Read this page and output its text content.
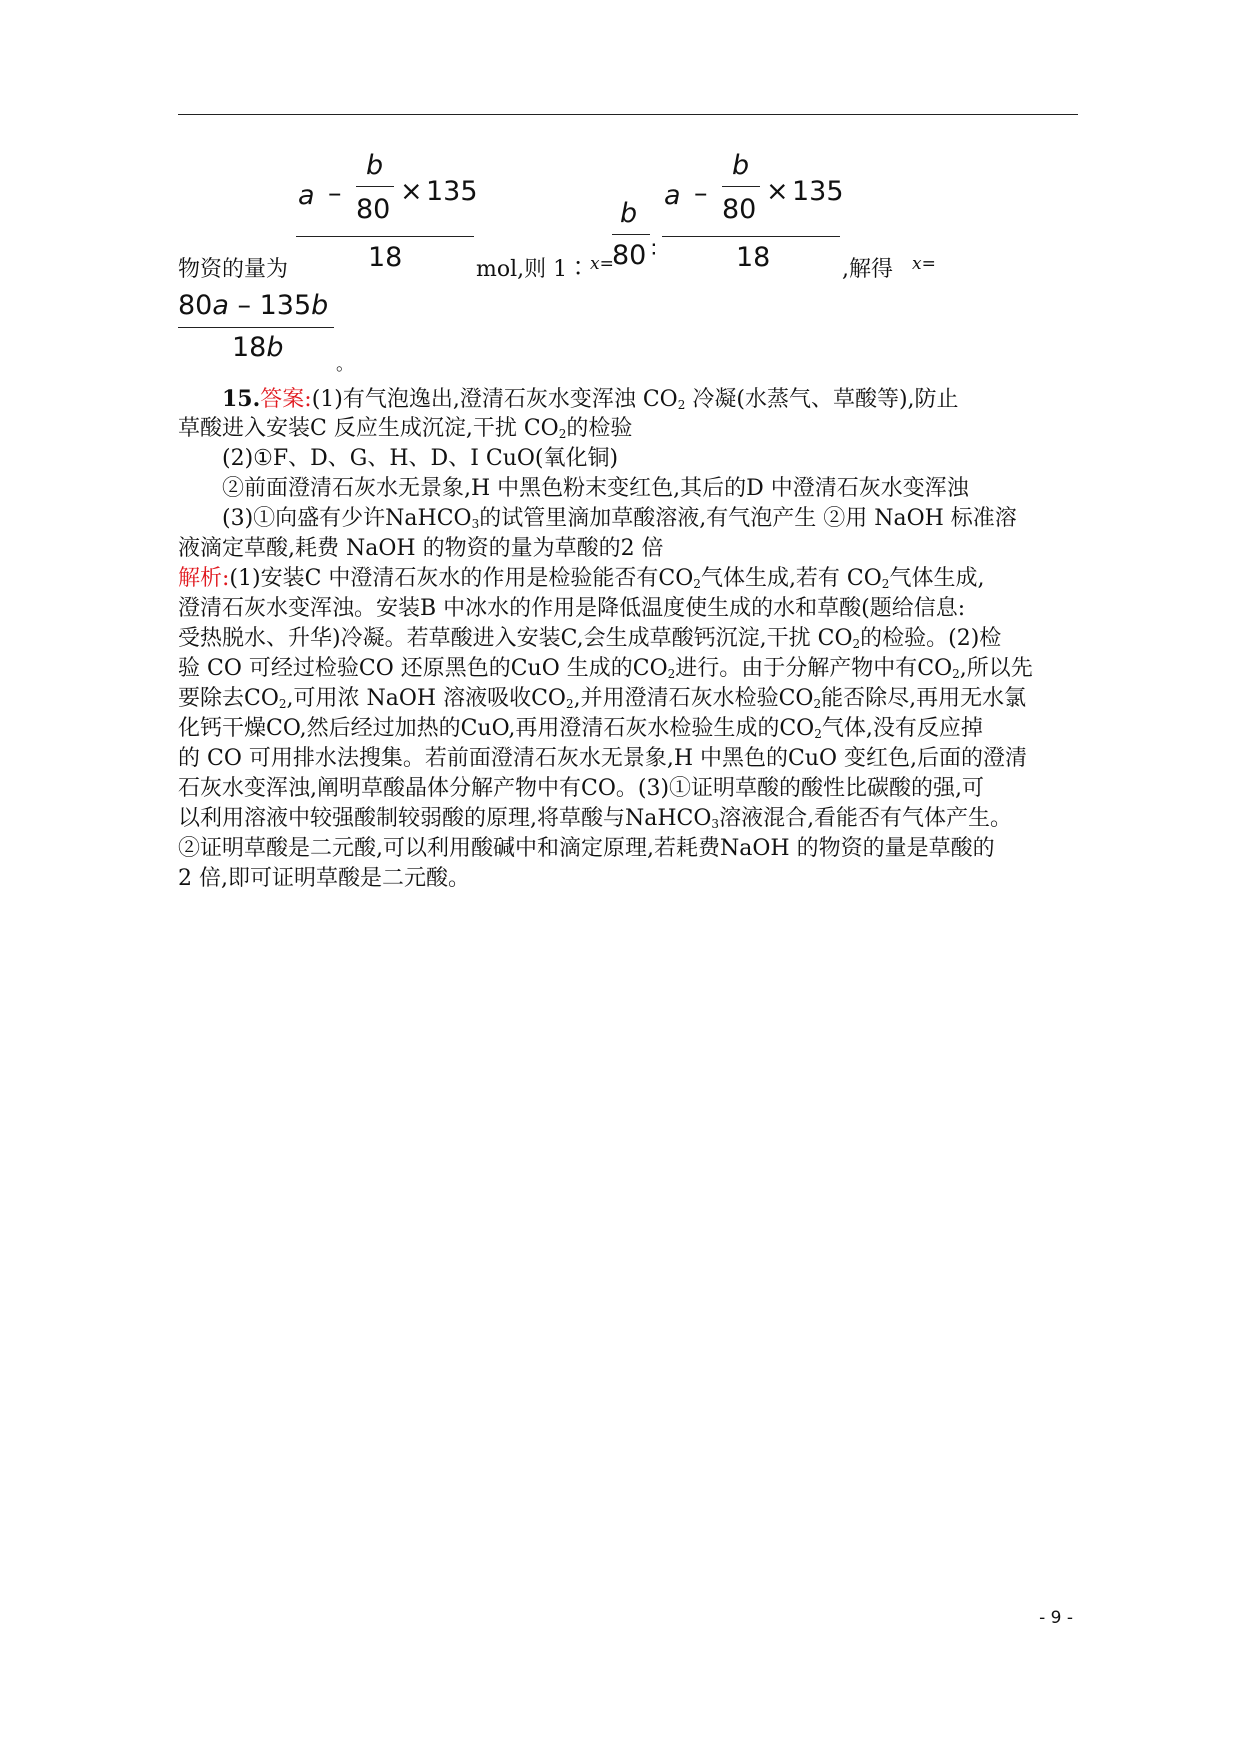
a –
b
80
× 135
18
物资的量为	mol,则 1∶ x=
b
80 ∶
a –
b
80
× 135
18	,解得 x=
80a – 135b
18b
。
15.答案:(1)有气泡逸出,澄清石灰水变浑浊 $CO_2$ 冷凝(水蒸气、草酸等),防止
草酸进入安装C 反应生成沉淀,干扰 $CO_2$的检验
(2)①F、D、G、H、D、I CuO(氧化铜)
②前面澄清石灰水无景象,H 中黑色粉末变红色,其后的D 中澄清石灰水变浑浊
(3)①向盛有少许NaHCO$_3$的试管里滴加草酸溶液,有气泡产生 ②用 NaOH 标准溶
液滴定草酸,耗费 NaOH 的物资的量为草酸的2 倍
解析:(1)安装C 中澄清石灰水的作用是检验能否有$CO_2$气体生成,若有 $CO_2$气体生成,
澄清石灰水变浑浊。安装B 中冰水的作用是降低温度使生成的水和草酸(题给信息:
受热脱水、升华)冷凝。若草酸进入安装C,会生成草酸钙沉淀,干扰 $CO_2$的检验。(2)检
验 CO 可经过检验CO 还原黑色的CuO 生成的$CO_2$进行。由于分解产物中有$CO_2$,所以先
要除去$CO_2$,可用浓 NaOH 溶液吸收$CO_2$,并用澄清石灰水检验$CO_2$能否除尽,再用无水氯
化钙干燥CO,然后经过加热的CuO,再用澄清石灰水检验生成的$CO_2$气体,没有反应掉
的 CO 可用排水法搜集。若前面澄清石灰水无景象,H 中黑色的CuO 变红色,后面的澄清
石灰水变浑浊,阐明草酸晶体分解产物中有CO。(3)①证明草酸的酸性比碳酸的强,可
以利用溶液中较强酸制较弱酸的原理,将草酸与NaHCO$_3$溶液混合,看能否有气体产生。
②证明草酸是二元酸,可以利用酸碱中和滴定原理,若耗费NaOH 的物资的量是草酸的
2 倍,即可证明草酸是二元酸。
- 9 -
